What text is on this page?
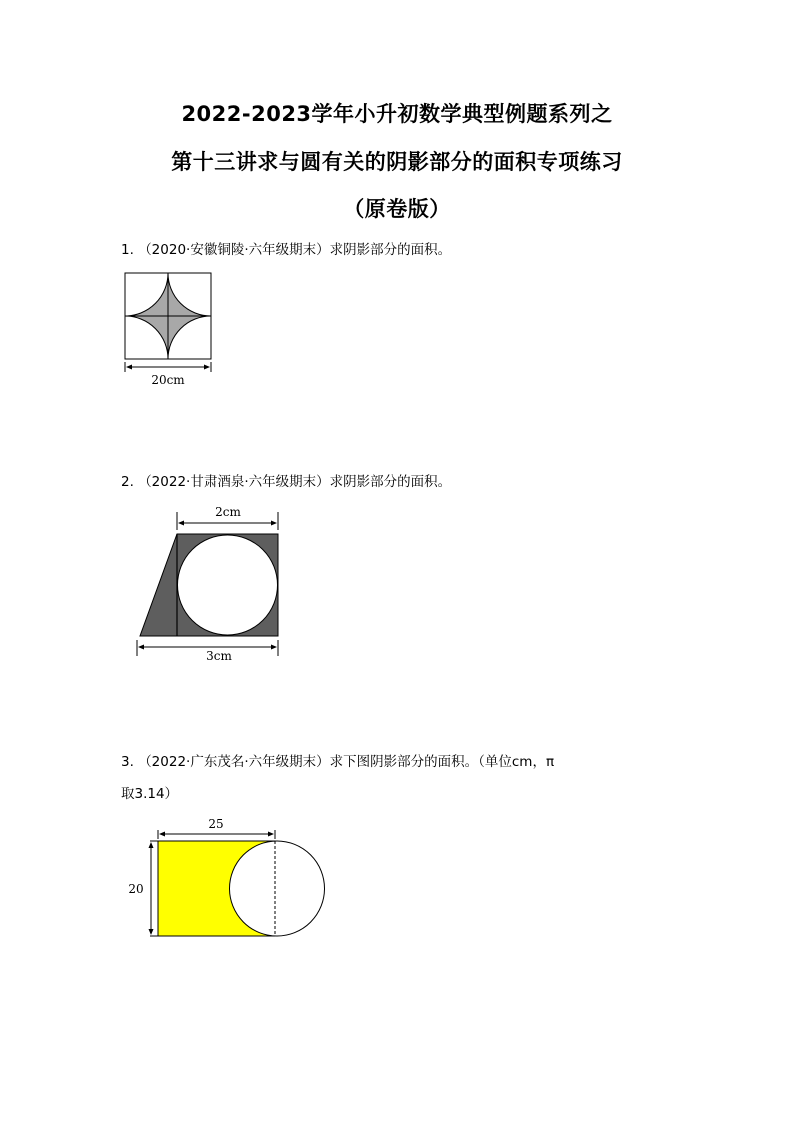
2022-2023学年小升初数学典型例题系列之
第十三讲求与圆有关的阴影部分的面积专项练习
（原卷版）

1. （2020·安徽铜陵·六年级期末）求阴影部分的面积。

20cm

2. （2022·甘肃酒泉·六年级期末）求阴影部分的面积。

2cm
3cm

3. （2022·广东茂名·六年级期末）求下图阴影部分的面积。（单位cm，π

取3.14）

25
20
